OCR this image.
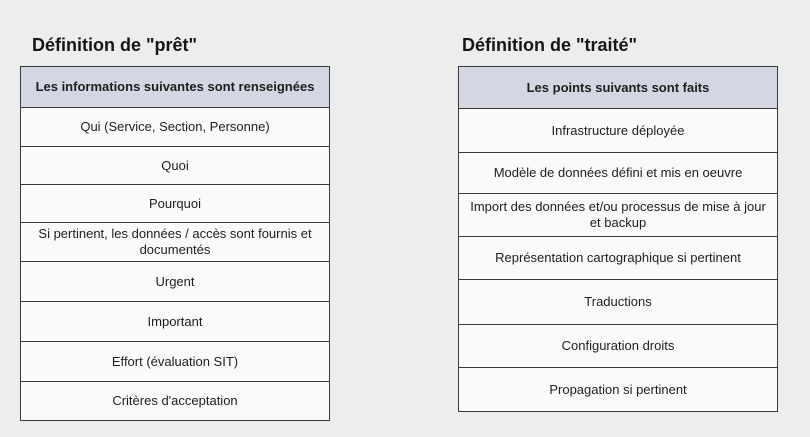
Définition de "prêt"
Les informations suivantes sont renseignées
Qui (Service, Section, Personne)
Quoi
Pourquoi
Si pertinent, les données / accès sont fournis et documentés
Urgent
Important
Effort (évaluation SIT)
Critères d'acceptation
Définition de "traité"
Les points suivants sont faits
Infrastructure déployée
Modèle de données défini et mis en oeuvre
Import des données et/ou processus de mise à jour et backup
Représentation cartographique si pertinent
Traductions
Configuration droits
Propagation si pertinent
